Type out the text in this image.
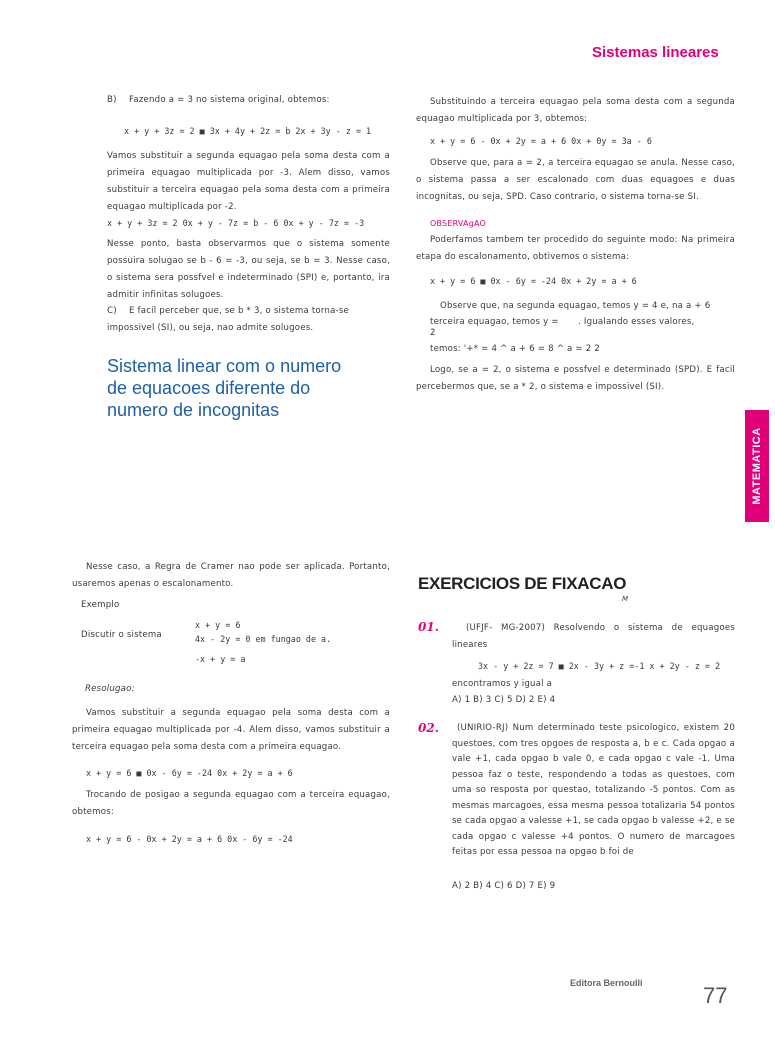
Sistemas lineares
B) Fazendo a = 3 no sistema original, obtemos:
x + y + 3z = 2 ■ 3x + 4y + 2z = b 2x + 3y - z = 1
Vamos substituir a segunda equagao pela soma desta com a primeira equagao multiplicada por -3. Alem disso, vamos substituir a terceira equagao pela soma desta com a primeira equagao multiplicada por -2.
x + y + 3z = 2 0x + y - 7z = b - 6 0x + y - 7z = -3
Nesse ponto, basta observarmos que o sistema somente possuira solugao se b - 6 = -3, ou seja, se b = 3. Nesse caso, o sistema sera possfvel e indeterminado (SPI) e, portanto, ira admitir infinitas solugoes.
C)	E facil perceber que, se b * 3, o sistema torna-se impossivel (SI), ou seja, nao admite solugoes.
Sistema linear com o numero
de equacoes diferente do
numero de incognitas
Substituindo a terceira equagao pela soma desta com a segunda equagao multiplicada por 3, obtemos:
x + y = 6 - 0x + 2y = a + 6 0x + 0y = 3a - 6
Observe que, para a = 2, a terceira equagao se anula. Nesse caso, o sistema passa a ser escalonado com duas equagoes e duas incognitas, ou seja, SPD. Caso contrario, o sistema torna-se SI.
OBSERVAgAO
Poderfamos tambem ter procedido do seguinte modo: Na primeira etapa do escalonamento, obtivemos o sistema:
x + y = 6 ■ 0x - 6y = -24 0x + 2y = a + 6
Observe que, na segunda equagao, temos y = 4 e, na a + 6
terceira equagao, temos y = . Igualando esses valores,
2
temos: '+* = 4 ^ a + 6 = 8 ^ a = 2 2
Logo, se a = 2, o sistema e possfvel e determinado (SPD). E facil percebermos que, se a * 2, o sistema e impossivel (SI).
MATEMATICA
Nesse caso, a Regra de Cramer nao pode ser aplicada. Portanto, usaremos apenas o escalonamento.
Exemplo
Discutir o sistema
x + y = 6
4x - 2y = 0 em fungao de a.
-x + y = a
Resolugao:
Vamos substituir a segunda equagao pela soma desta com a primeira equagao multiplicada por -4. Alem disso, vamos substituir a terceira equagao pela soma desta com a primeira equagao.
x + y = 6 ■ 0x - 6y = -24 0x + 2y = a + 6
Trocando de posigao a segunda equagao com a terceira equagao, obtemos:
x + y = 6 - 0x + 2y = a + 6 0x - 6y = -24
EXERCICIOS DE FIXACAO
M
01.	(UFJF- MG-2007) Resolvendo o sistema de equagoes lineares
3x - y + 2z = 7 ■ 2x - 3y + z =-1 x + 2y - z = 2
encontramos y igual a
A) 1 B) 3 C) 5 D) 2 E) 4
02.	(UNIRIO-RJ) Num determinado teste psicologico, existem 20 questoes, com tres opgoes de resposta a, b e c. Cada opgao a vale +1, cada opgao b vale 0, e cada opgao c vale -1. Uma pessoa faz o teste, respondendo a todas as questoes, com uma so resposta por questao, totalizando -5 pontos. Com as mesmas marcagoes, essa mesma pessoa totalizaria 54 pontos se cada opgao a valesse +1, se cada opgao b valesse +2, e se cada opgao c valesse +4 pontos. O numero de marcagoes feitas por essa pessoa na opgao b foi de
A) 2 B) 4 C) 6 D) 7 E) 9
Editora Bernoulli	77
